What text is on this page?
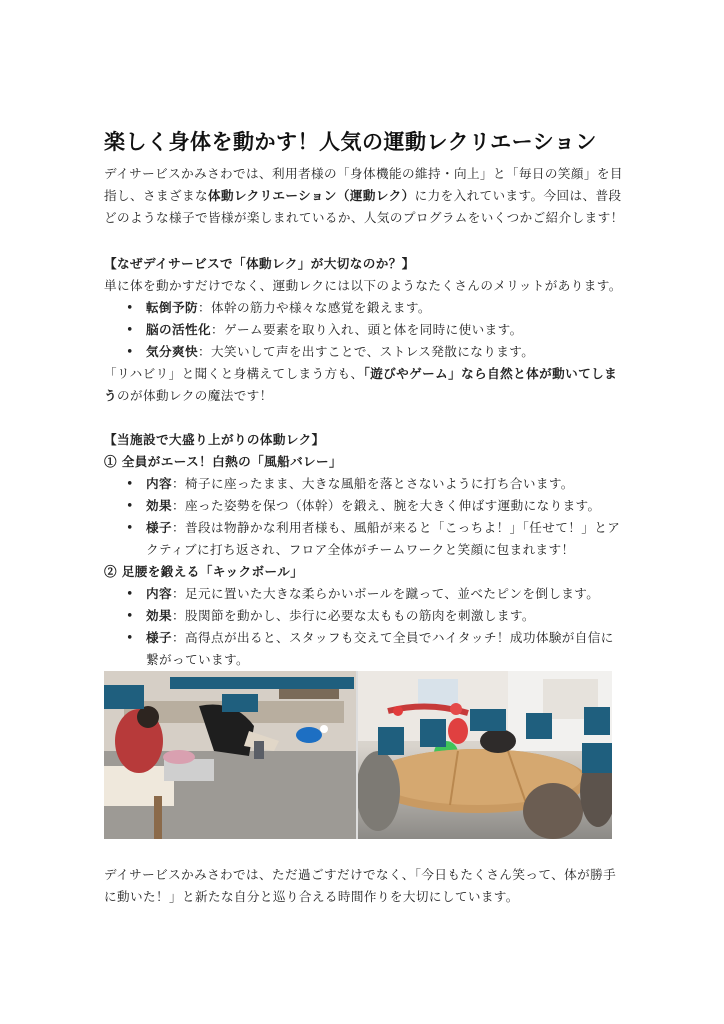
楽しく身体を動かす！人気の運動レクリエーション
デイサービスかみさわでは、利用者様の「身体機能の維持・向上」と「毎日の笑顔」を目指し、さまざまな体動レクリエーション（運動レク）に力を入れています。今回は、普段どのような様子で皆様が楽しまれているか、人気のプログラムをいくつかご紹介します！
【なぜデイサービスで「体動レク」が大切なのか？】
単に体を動かすだけでなく、運動レクには以下のようなたくさんのメリットがあります。
• 転倒予防：体幹の筋力や様々な感覚を鍛えます。
• 脳の活性化：ゲーム要素を取り入れ、頭と体を同時に使います。
• 気分爽快：大笑いして声を出すことで、ストレス発散になります。
「リハビリ」と聞くと身構えてしまう方も、「遊びやゲーム」なら自然と体が動いてしまうのが体動レクの魔法です！
【当施設で大盛り上がりの体動レク】
① 全員がエース！白熱の「風船バレー」
• 内容：椅子に座ったまま、大きな風船を落とさないように打ち合います。
• 効果：座った姿勢を保つ（体幹）を鍛え、腕を大きく伸ばす運動になります。
• 様子：普段は物静かな利用者様も、風船が来ると「こっちよ！」「任せて！」とアクティブに打ち返され、フロア全体がチームワークと笑顔に包まれます！
② 足腰を鍛える「キックボール」
• 内容：足元に置いた大きな柔らかいボールを蹴って、並べたピンを倒します。
• 効果：股関節を動かし、歩行に必要な太ももの筋肉を刺激します。
• 様子：高得点が出ると、スタッフも交えて全員でハイタッチ！成功体験が自信に繋がっています。
デイサービスかみさわでは、ただ過ごすだけでなく、「今日もたくさん笑って、体が勝手に動いた！」と新たな自分と巡り合える時間作りを大切にしています。
